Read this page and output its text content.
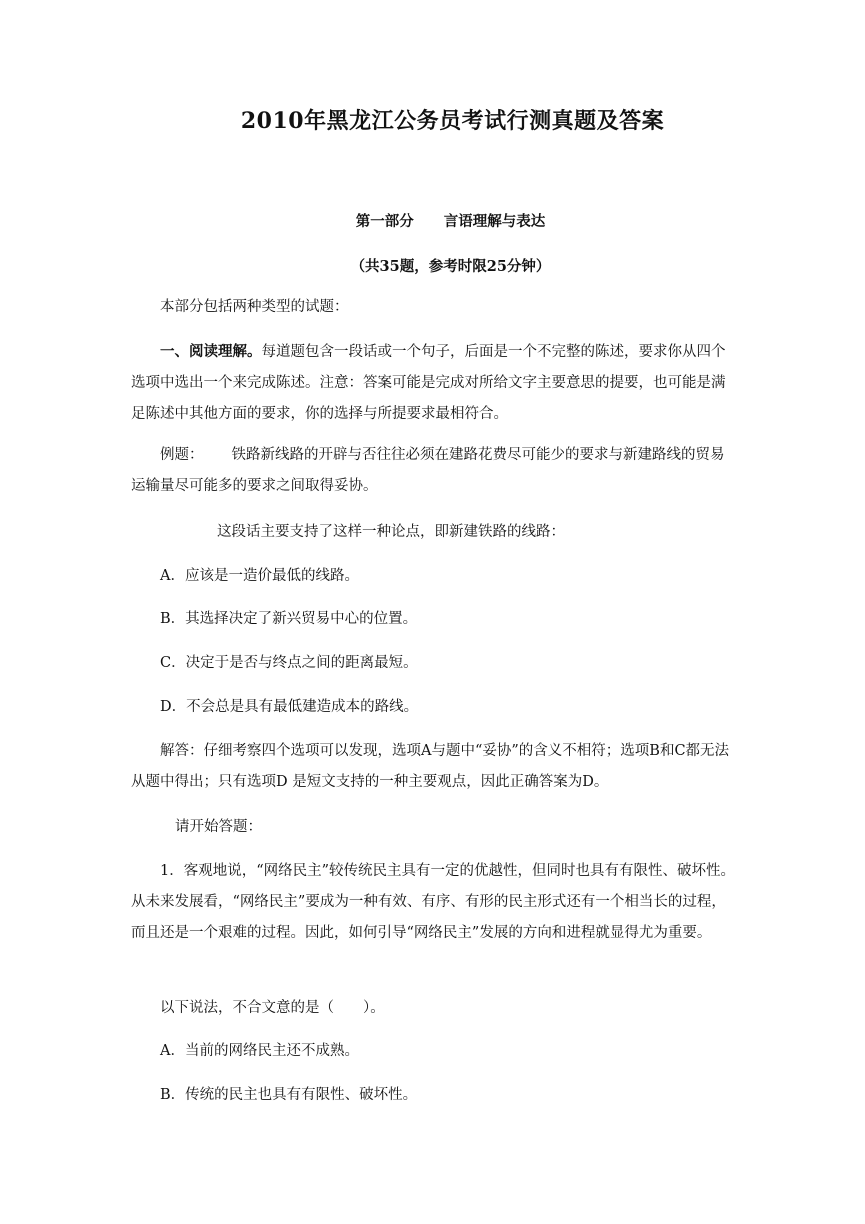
2010年黑龙江公务员考试行测真题及答案
第一部分 言语理解与表达
（共35题，参考时限25分钟）

本部分包括两种类型的试题：

一、阅读理解。每道题包含一段话或一个句子，后面是一个不完整的陈述，要求你从四个选项中选出一个来完成陈述。注意：答案可能是完成对所给文字主要意思的提要，也可能是满足陈述中其他方面的要求，你的选择与所提要求最相符合。

例题： 铁路新线路的开辟与否往往必须在建路花费尽可能少的要求与新建路线的贸易运输量尽可能多的要求之间取得妥协。

这段话主要支持了这样一种论点，即新建铁路的线路：

A．应该是一造价最低的线路。

B．其选择决定了新兴贸易中心的位置。

C．决定于是否与终点之间的距离最短。

D．不会总是具有最低建造成本的路线。

解答：仔细考察四个选项可以发现，选项A与题中“妥协”的含义不相符；选项B和C都无法从题中得出；只有选项D 是短文支持的一种主要观点，因此正确答案为D。

请开始答题：

1．客观地说，“网络民主”较传统民主具有一定的优越性，但同时也具有有限性、破坏性。从未来发展看，“网络民主”要成为一种有效、有序、有形的民主形式还有一个相当长的过程，而且还是一个艰难的过程。因此，如何引导“网络民主”发展的方向和进程就显得尤为重要。

以下说法，不合文意的是（　　）。

A．当前的网络民主还不成熟。

B．传统的民主也具有有限性、破坏性。
